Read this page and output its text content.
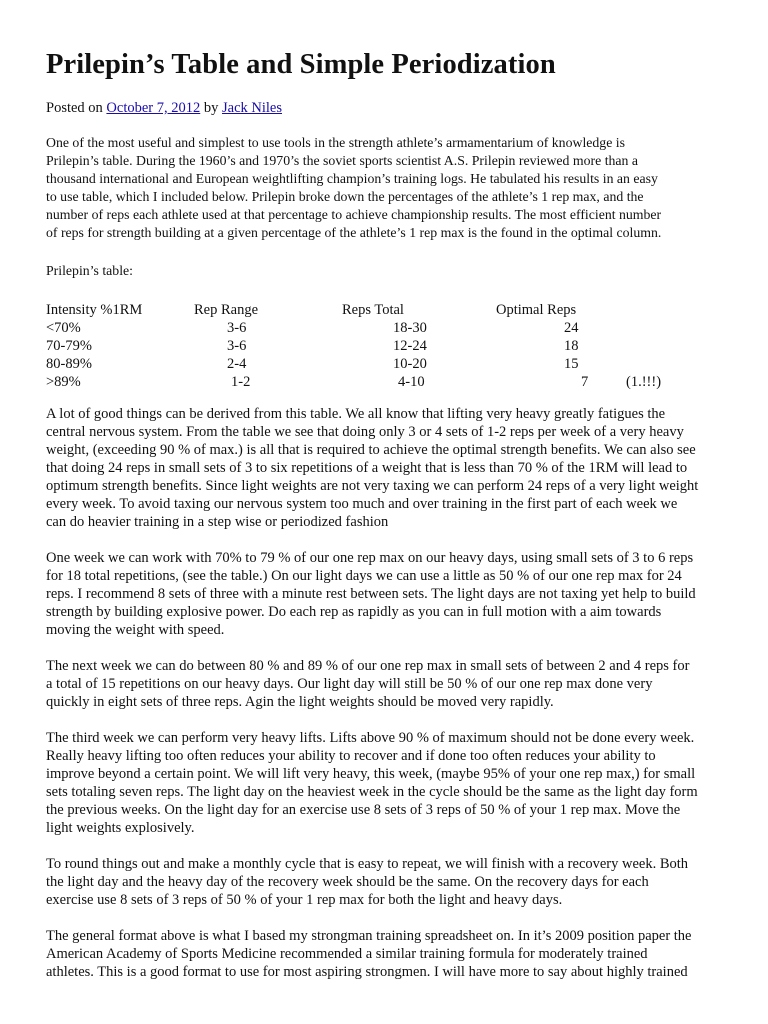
Prilepin’s Table and Simple Periodization
Posted on October 7, 2012 by Jack Niles

One of the most useful and simplest to use tools in the strength athlete’s armamentarium of knowledge is
Prilepin’s table. During the 1960’s and 1970’s the soviet sports scientist A.S. Prilepin reviewed more than a
thousand international and European weightlifting champion’s training logs. He tabulated his results in an easy
to use table, which I included below. Prilepin broke down the percentages of the athlete’s 1 rep max, and the
number of reps each athlete used at that percentage to achieve championship results. The most efficient number
of reps for strength building at a given percentage of the athlete’s 1 rep max is the found in the optimal column.

Prilepin’s table:

Intensity %1RM	Rep Range	Reps Total	Optimal Reps
<70%	3-6	18-30	24
70-79%	3-6	12-24	18
80-89%	2-4	10-20	15
>89%	1-2	4-10	7	(1.!!!)

A lot of good things can be derived from this table. We all know that lifting very heavy greatly fatigues the
central nervous system. From the table we see that doing only 3 or 4 sets of 1-2 reps per week of a very heavy
weight, (exceeding 90 % of max.) is all that is required to achieve the optimal strength benefits. We can also see
that doing 24 reps in small sets of 3 to six repetitions of a weight that is less than 70 % of the 1RM will lead to
optimum strength benefits. Since light weights are not very taxing we can perform 24 reps of a very light weight
every week. To avoid taxing our nervous system too much and over training in the first part of each week we
can do heavier training in a step wise or periodized fashion

One week we can work with 70% to 79 % of our one rep max on our heavy days, using small sets of 3 to 6 reps
for 18 total repetitions, (see the table.) On our light days we can use a little as 50 % of our one rep max for 24
reps. I recommend 8 sets of three with a minute rest between sets. The light days are not taxing yet help to build
strength by building explosive power. Do each rep as rapidly as you can in full motion with a aim towards
moving the weight with speed.

The next week we can do between 80 % and 89 % of our one rep max in small sets of between 2 and 4 reps for
a total of 15 repetitions on our heavy days. Our light day will still be 50 % of our one rep max done very
quickly in eight sets of three reps. Agin the light weights should be moved very rapidly.

The third week we can perform very heavy lifts. Lifts above 90 % of maximum should not be done every week.
Really heavy lifting too often reduces your ability to recover and if done too often reduces your ability to
improve beyond a certain point. We will lift very heavy, this week, (maybe 95% of your one rep max,) for small
sets totaling seven reps. The light day on the heaviest week in the cycle should be the same as the light day form
the previous weeks. On the light day for an exercise use 8 sets of 3 reps of 50 % of your 1 rep max. Move the
light weights explosively.

To round things out and make a monthly cycle that is easy to repeat, we will finish with a recovery week. Both
the light day and the heavy day of the recovery week should be the same. On the recovery days for each
exercise use 8 sets of 3 reps of 50 % of your 1 rep max for both the light and heavy days.

The general format above is what I based my strongman training spreadsheet on. In it’s 2009 position paper the
American Academy of Sports Medicine recommended a similar training formula for moderately trained
athletes. This is a good format to use for most aspiring strongmen. I will have more to say about highly trained
